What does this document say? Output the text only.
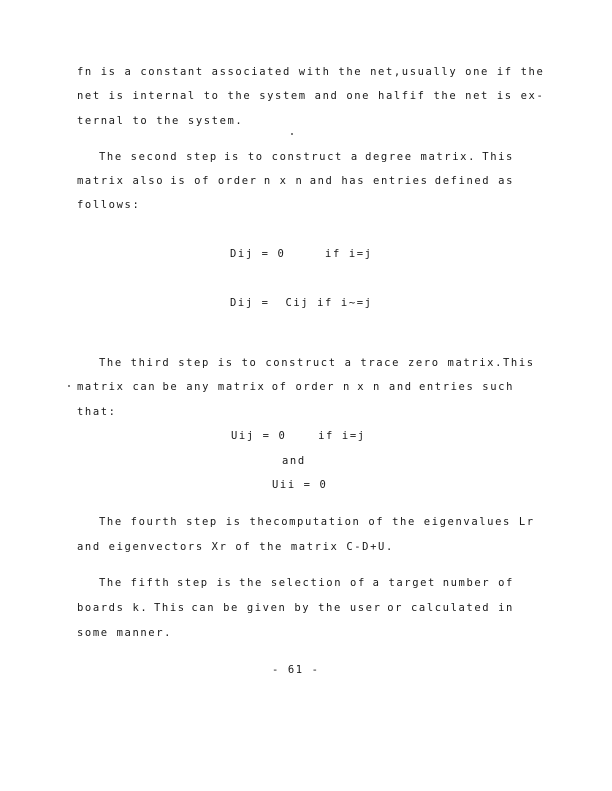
fn is a constant associated with the net, usually one if the
net is internal to the system and one half if the net is ex-
ternal to the system.
The second step is to construct a degree matrix. This
matrix also is of order n x n and has entries defined as
follows:
Dij = 0     if i=j
Dij =  Cij if i~=j
The third step is to construct a trace zero matrix. This
matrix can be any matrix of order n x n and entries such
that:
Uij = 0    if i=j
and
Uii = 0
The fourth step is the computation of the eigenvalues Lr
and eigenvectors Xr of the matrix C-D+U.
The fifth step is the selection of a target number of
boards k. This can be given by the user or calculated in
some manner.
- 61 -
